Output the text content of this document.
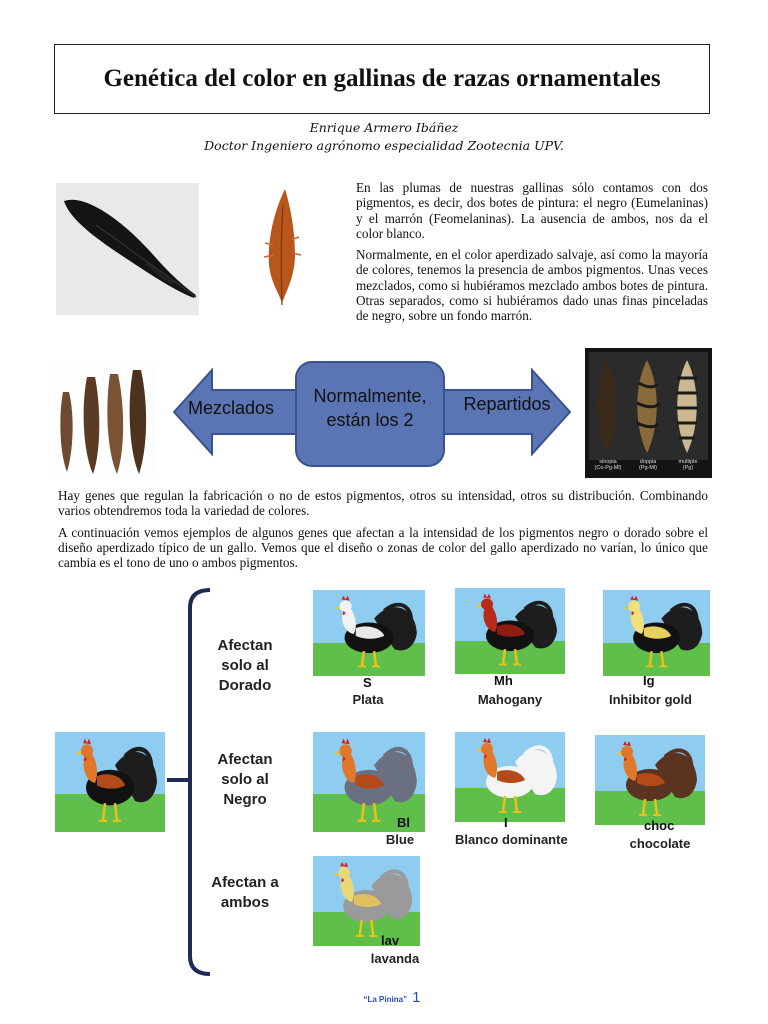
Genética del color en gallinas de razas ornamentales
Enrique Armero Ibáñez
Doctor Ingeniero agrónomo especialidad Zootecnia UPV.

En las plumas de nuestras gallinas sólo contamos con dos pigmentos, es decir, dos botes de pintura: el negro (Eumelaninas) y el marrón (Feomelaninas). La ausencia de ambos, nos da el color blanco.

Normalmente, en el color aperdizado salvaje, así como la mayoría de colores, tenemos la presencia de ambos pigmentos. Unas veces mezclados, como si hubiéramos mezclado ambos botes de pintura. Otras separados, como si hubiéramos dado unas finas pinceladas de negro, sobre un fondo marrón.

Mezclados
Normalmente,
están los 2
Repartidos
sinopia
(Co-Pg-Ml)
doppia
(Pg-Ml)
multiple
(Pg)

Hay genes que regulan la fabricación o no de estos pigmentos, otros su intensidad, otros su distribución. Combinando varios obtendremos toda la variedad de colores.

A continuación vemos ejemplos de algunos genes que afectan a la intensidad de los pigmentos negro o dorado sobre el diseño aperdizado típico de un gallo. Vemos que el diseño o zonas de color del gallo aperdizado no varían, lo único que cambia es el tono de uno o ambos pigmentos.

Afectan
solo al
Dorado
Afectan
solo al
Negro
Afectan a
ambos
S
Plata
Mh
Mahogany
Ig
Inhibitor gold
Bl
Blue
I
Blanco dominante
choc
chocolate
lav
lavanda
“La Pinina” 1
